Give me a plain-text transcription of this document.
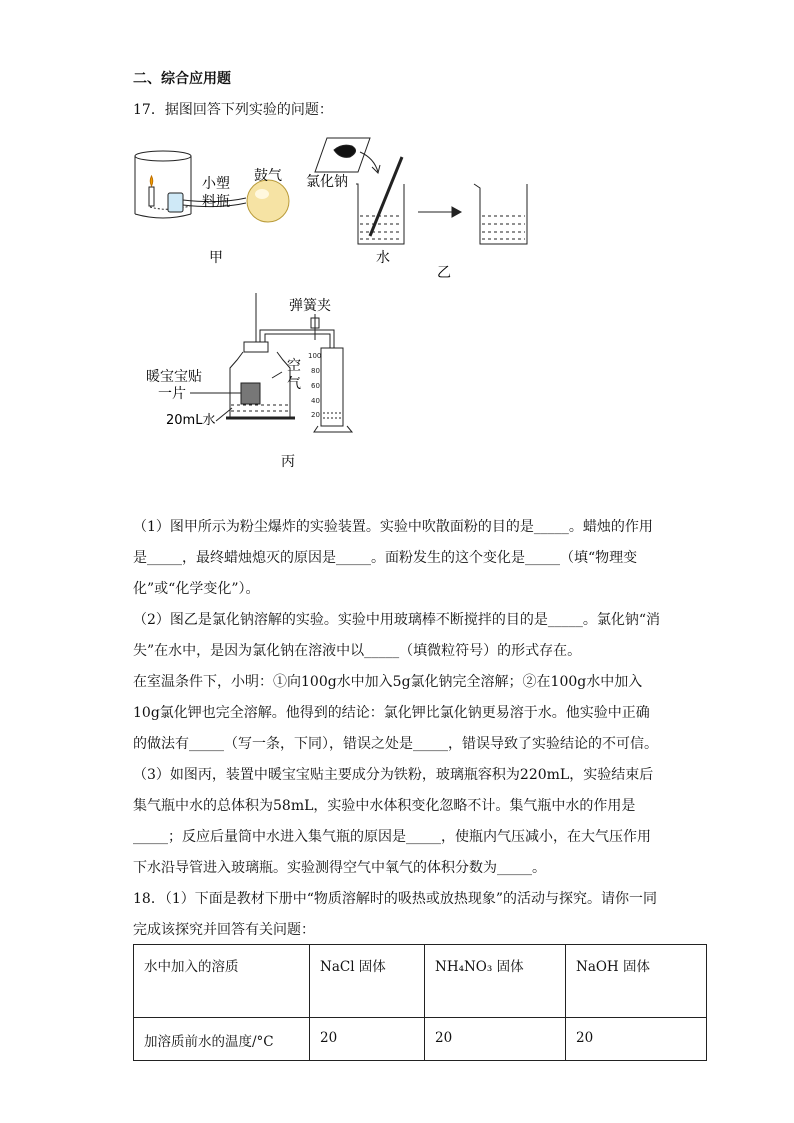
二、综合应用题
17．据图回答下列实验的问题：
小塑
料瓶
鼓气
甲
氯化钠
水
乙
100
80
60
40
20
弹簧夹
空
气
暖宝宝贴
一片
20mL水
丙

（1）图甲所示为粉尘爆炸的实验装置。实验中吹散面粉的目的是_____。蜡烛的作用是_____，最终蜡烛熄灭的原因是_____。面粉发生的这个变化是_____（填“物理变化”或“化学变化”）。

（2）图乙是氯化钠溶解的实验。实验中用玻璃棒不断搅拌的目的是_____。氯化钠“消失”在水中，是因为氯化钠在溶液中以_____（填微粒符号）的形式存在。

在室温条件下，小明：①向100g水中加入5g氯化钠完全溶解；②在100g水中加入10g氯化钾也完全溶解。他得到的结论：氯化钾比氯化钠更易溶于水。他实验中正确的做法有_____（写一条，下同），错误之处是_____，错误导致了实验结论的不可信。

（3）如图丙，装置中暖宝宝贴主要成分为铁粉，玻璃瓶容积为220mL，实验结束后集气瓶中水的总体积为58mL，实验中水体积变化忽略不计。集气瓶中水的作用是_____；反应后量筒中水进入集气瓶的原因是_____，使瓶内气压减小，在大气压作用下水沿导管进入玻璃瓶。实验测得空气中氧气的体积分数为_____。

18．（1）下面是教材下册中“物质溶解时的吸热或放热现象”的活动与探究。请你一同完成该探究并回答有关问题：

水中加入的溶质	NaCl 固体	NH₄NO₃ 固体	NaOH 固体
加溶质前水的温度/°C	20	20	20
